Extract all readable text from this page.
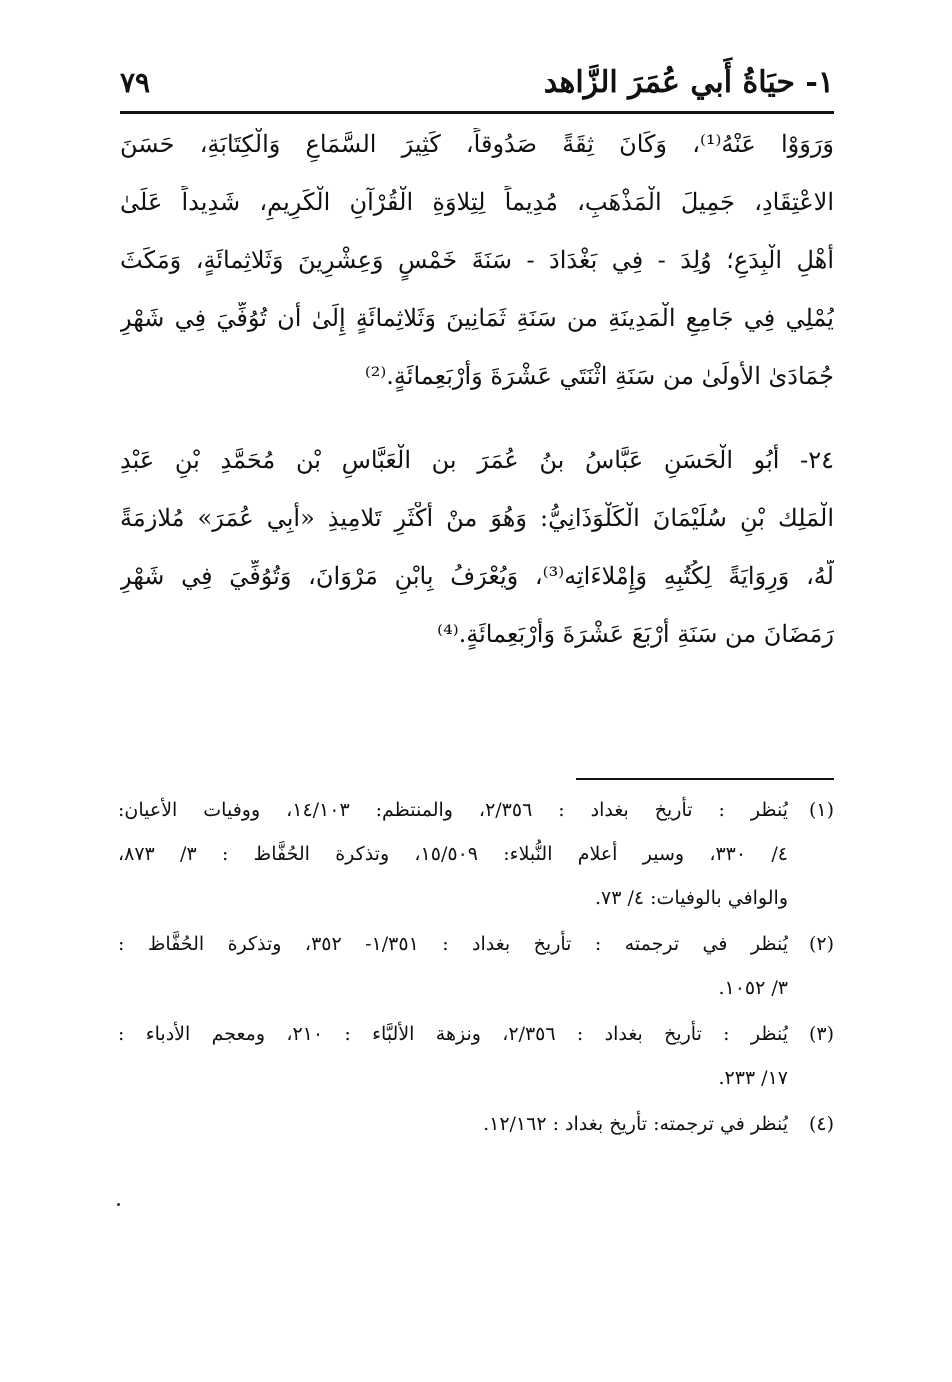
١- حيَاةُ أَبي عُمَرَ الزَّاهد
٧٩
وَرَوَوْا عَنْهُ⁽¹⁾، وَكَانَ ثِقَةً صَدُوقاً، كَثِيرَ السَّمَاعِ وَالْكِتَابَةِ، حَسَنَ
الاعْتِقَادِ، جَمِيلَ الْمَذْهَبِ، مُدِيماً لِتِلاوَةِ الْقُرْآنِ الْكَرِيمِ، شَدِيداً عَلَىٰ
أَهْلِ الْبِدَعِ؛ وُلِدَ - فِي بَغْدَادَ - سَنَةَ خَمْسٍ وَعِشْرِينَ وَثَلاثِمائَةٍ، وَمَكَثَ
يُمْلِي فِي جَامِعِ الْمَدِينَةِ من سَنَةِ ثَمَانِينَ وَثَلاثِمائَةٍ إِلَىٰ أَن تُوُفِّيَ فِي شَهْرِ
جُمَادَىٰ الأُولَىٰ من سَنَةِ اثْنَتَي عَشْرَةَ وَأَرْبَعِمائَةٍ.⁽²⁾
٢٤- أَبُو الْحَسَنِ عَبَّاسُ بنُ عُمَرَ بن الْعَبَّاسِ بْن مُحَمَّدِ بْنِ عَبْدِ
الْمَلِك بْنِ سُلَيْمَانَ الْكَلْوَذَانِيُّ: وَهُوَ منْ أَكْثَرِ تَلامِيذِ «أَبِي عُمَرَ» مُلازمَةً
لَّهُ، وَرِوَايَةً لِكُتُبِهِ وَإِمْلاءَاتِه⁽³⁾، وَيُعْرَفُ بِابْنِ مَرْوَانَ، وَتُوُفِّيَ فِي شَهْرِ
رَمَضَانَ من سَنَةِ أَرْبَعَ عَشْرَةَ وَأَرْبَعِمائَةٍ.⁽⁴⁾
(١)
يُنظر : تأريخ بغداد : ٢/٣٥٦، والمنتظم: ١٤/١٠٣، ووفيات الأعيان:
٤/ ٣٣٠، وسير أعلام النُّبلاء: ١٥/٥٠٩، وتذكرة الحُفَّاظ : ٣/ ٨٧٣،
والوافي بالوفيات: ٤/ ٧٣.
(٢)
يُنظر في ترجمته : تأريخ بغداد : ١/٣٥١- ٣٥٢، وتذكرة الحُفَّاظ :
٣/ ١٠٥٢.
(٣)
يُنظر : تأريخ بغداد : ٢/٣٥٦، ونزهة الألبَّاء : ٢١٠، ومعجم الأدباء :
١٧/ ٢٣٣.
(٤)
يُنظر في ترجمته: تأريخ بغداد : ١٢/١٦٢.
